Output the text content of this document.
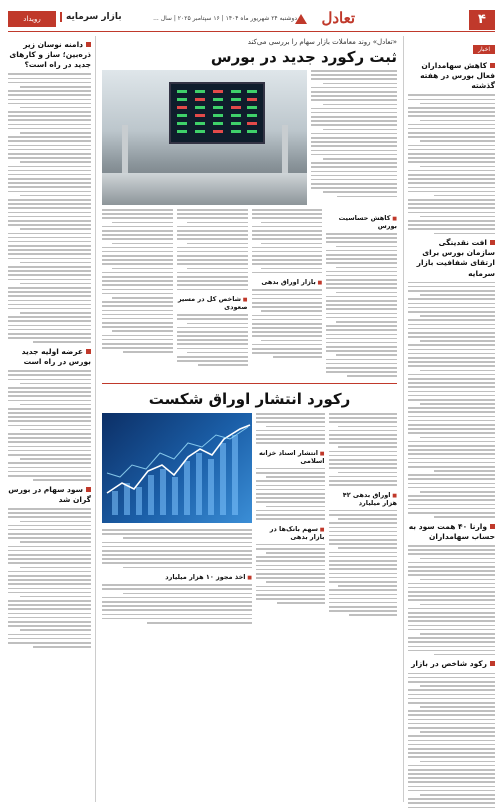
۴
تعادل
دوشنبه ۲۴ شهریور ماه ۱۴۰۴ | ۱۶ سپتامبر ۲۰۲۵ | سال ...
بازار سرمایه
رویداد
اخبار
کاهش سهامداران فعال بورس در هفته گذشته
افت نقدینگی سازمان بورس برای ارتقای شفافیت بازار سرمایه
وارنا ۴۰ همت سود به حساب سهامداران
رکود شاخص در بازار
«تعادل» روند معاملات بازار سهام را بررسی می‌کند
ثبت رکورد جدید در بورس
■ کاهش حساسیت بورس
■ بازار اوراق بدهی
■ شاخص کل در مسیر صعودی
رکورد انتشار اوراق شکست
■ اوراق بدهی ۴۲ هزار میلیارد
■ انتشار اسناد خزانه اسلامی
■ سهم بانک‌ها در بازار بدهی
■ اخذ مجوز ۱۰ هزار میلیارد
دامنه نوسان زیر ذره‌بین؛ ساز و کارهای جدید در راه است؟
عرضه اولیه جدید بورس در راه است
سود سهام در بورس گران شد
